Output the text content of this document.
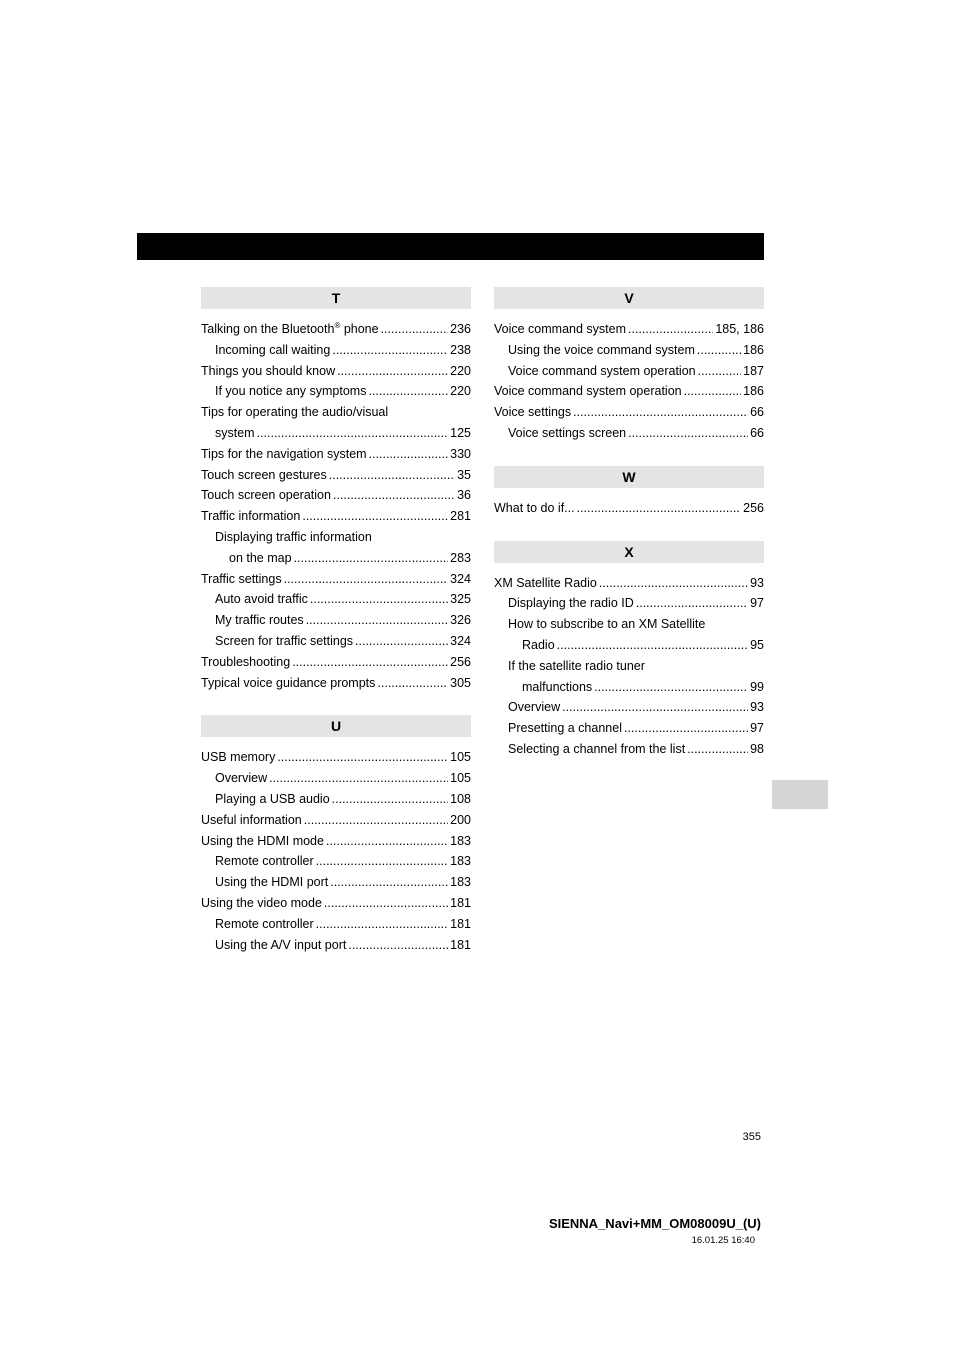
T
Talking on the Bluetooth® phone .....	236
Incoming call waiting .....	238
Things you should know .....	220
If you notice any symptoms .....	220
Tips for operating the audio/visual
system .....	125
Tips for the navigation system .....	330
Touch screen gestures .....	35
Touch screen operation .....	36
Traffic information .....	281
Displaying traffic information
on the map .....	283
Traffic settings .....	324
Auto avoid traffic .....	325
My traffic routes .....	326
Screen for traffic settings .....	324
Troubleshooting .....	256
Typical voice guidance prompts .....	305
U
USB memory .....	105
Overview .....	105
Playing a USB audio .....	108
Useful information .....	200
Using the HDMI mode .....	183
Remote controller .....	183
Using the HDMI port .....	183
Using the video mode .....	181
Remote controller .....	181
Using the A/V input port .....	181
V
Voice command system .....	185, 186
Using the voice command system .....	186
Voice command system operation .....	187
Voice command system operation .....	186
Voice settings .....	66
Voice settings screen .....	66
W
What to do if... .....	256
X
XM Satellite Radio .....	93
Displaying the radio ID .....	97
How to subscribe to an XM Satellite
Radio .....	95
If the satellite radio tuner
malfunctions .....	99
Overview .....	93
Presetting a channel .....	97
Selecting a channel from the list .....	98
355
SIENNA_Navi+MM_OM08009U_(U)
16.01.25 16:40
